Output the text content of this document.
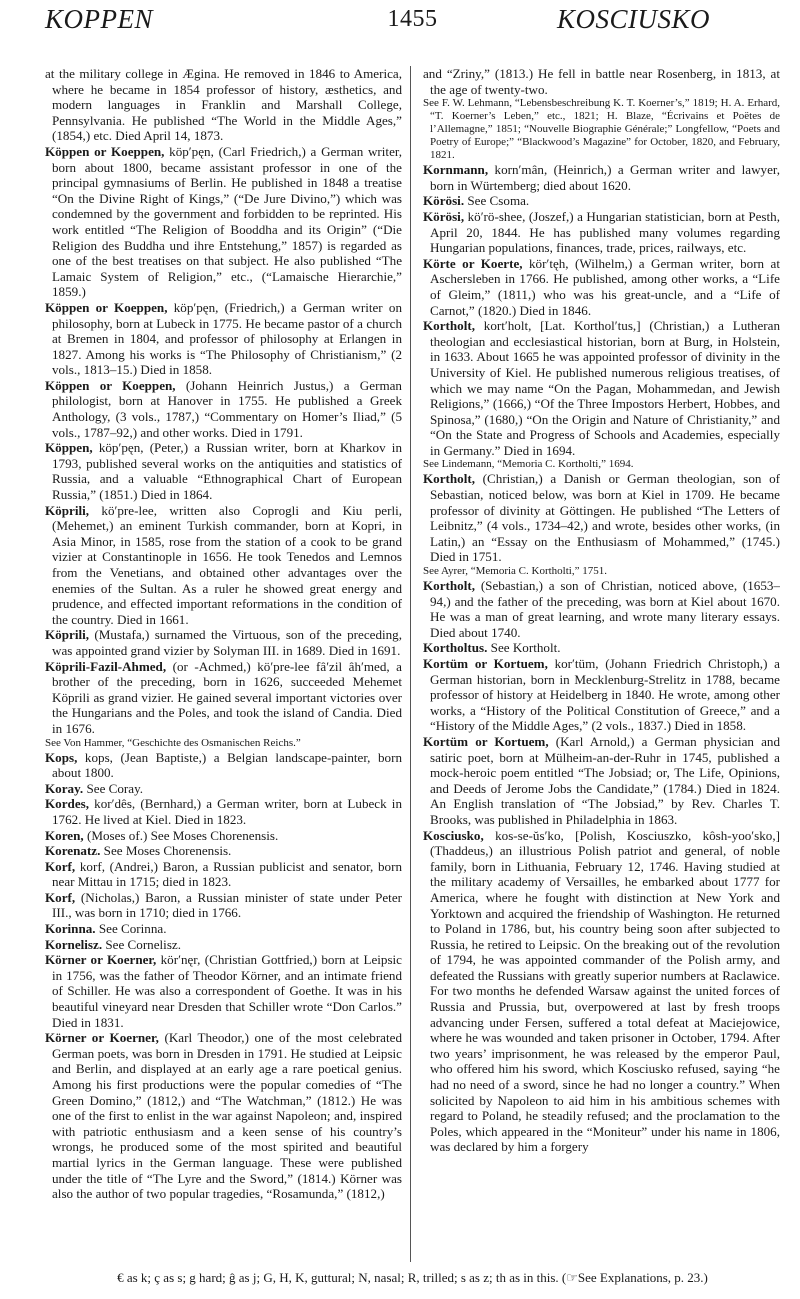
KOPPEN	1455	KOSCIUSKO

at the military college in Ægina. He removed in 1846 to America, where he became in 1854 professor of history, æsthetics, and modern languages in Franklin and Marshall College, Pennsylvania. He published “The World in the Middle Ages,” (1854,) etc. Died April 14, 1873.

Köppen or Koeppen, köp′pęn, (Carl Friedrich,) a German writer, born about 1800, became assistant professor in one of the principal gymnasiums of Berlin. He published in 1848 a treatise “On the Divine Right of Kings,” (“De Jure Divino,”) which was condemned by the government and forbidden to be reprinted. His work entitled “The Religion of Booddha and its Origin” (“Die Religion des Buddha und ihre Entstehung,” 1857) is regarded as one of the best treatises on that subject. He also published “The Lamaic System of Religion,” etc., (“Lamaische Hierarchie,” 1859.)

Köppen or Koeppen, köp′pęn, (Friedrich,) a German writer on philosophy, born at Lubeck in 1775. He became pastor of a church at Bremen in 1804, and professor of philosophy at Erlangen in 1827. Among his works is “The Philosophy of Christianism,” (2 vols., 1813–15.) Died in 1858.

Köppen or Koeppen, (Johann Heinrich Justus,) a German philologist, born at Hanover in 1755. He published a Greek Anthology, (3 vols., 1787,) “Commentary on Homer’s Iliad,” (5 vols., 1787–92,) and other works. Died in 1791.

Köppen, köp′pęn, (Peter,) a Russian writer, born at Kharkov in 1793, published several works on the antiquities and statistics of Russia, and a valuable “Ethnographical Chart of European Russia,” (1851.) Died in 1864.

Köprili, kö′pre-lee, written also Coprogli and Kiu perli, (Mehemet,) an eminent Turkish commander, born at Kopri, in Asia Minor, in 1585, rose from the station of a cook to be grand vizier at Constantinople in 1656. He took Tenedos and Lemnos from the Venetians, and obtained other advantages over the enemies of the Sultan. As a ruler he showed great energy and prudence, and effected important reformations in the condition of the country. Died in 1661.

Köprili, (Mustafa,) surnamed the Virtuous, son of the preceding, was appointed grand vizier by Solyman III. in 1689. Died in 1691.

Köprili-Fazil-Ahmed, (or -Achmed,) kö′pre-lee fâ′zil âh′med, a brother of the preceding, born in 1626, succeeded Mehemet Köprili as grand vizier. He gained several important victories over the Hungarians and the Poles, and took the island of Candia. Died in 1676.

See Von Hammer, “Geschichte des Osmanischen Reichs.”

Kops, kops, (Jean Baptiste,) a Belgian landscape-painter, born about 1800.

Koray. See Coray.

Kordes, kor′dês, (Bernhard,) a German writer, born at Lubeck in 1762. He lived at Kiel. Died in 1823.

Koren, (Moses of.) See Moses Chorenensis.

Korenatz. See Moses Chorenensis.

Korf, korf, (Andrei,) Baron, a Russian publicist and senator, born near Mittau in 1715; died in 1823.

Korf, (Nicholas,) Baron, a Russian minister of state under Peter III., was born in 1710; died in 1766.

Korinna. See Corinna.

Kornelisz. See Cornelisz.

Körner or Koerner, kör′nęr, (Christian Gottfried,) born at Leipsic in 1756, was the father of Theodor Körner, and an intimate friend of Schiller. He was also a correspondent of Goethe. It was in his beautiful vineyard near Dresden that Schiller wrote “Don Carlos.” Died in 1831.

Körner or Koerner, (Karl Theodor,) one of the most celebrated German poets, was born in Dresden in 1791. He studied at Leipsic and Berlin, and displayed at an early age a rare poetical genius. Among his first productions were the popular comedies of “The Green Domino,” (1812,) and “The Watchman,” (1812.) He was one of the first to enlist in the war against Napoleon; and, inspired with patriotic enthusiasm and a keen sense of his country’s wrongs, he produced some of the most spirited and beautiful martial lyrics in the German language. These were published under the title of “The Lyre and the Sword,” (1814.) Körner was also the author of two popular tragedies, “Rosamunda,” (1812,)

and “Zriny,” (1813.) He fell in battle near Rosenberg, in 1813, at the age of twenty-two.

See F. W. Lehmann, “Lebensbeschreibung K. T. Koerner’s,” 1819; H. A. Erhard, “T. Koerner’s Leben,” etc., 1821; H. Blaze, “Écrivains et Poëtes de l’Allemagne,” 1851; “Nouvelle Biographie Générale;” Longfellow, “Poets and Poetry of Europe;” “Blackwood’s Magazine” for October, 1820, and February, 1821.

Kornmann, korn′mân, (Heinrich,) a German writer and lawyer, born in Würtemberg; died about 1620.

Körösi. See Csoma.

Körösi, kö′rö-shee, (Joszef,) a Hungarian statistician, born at Pesth, April 20, 1844. He has published many volumes regarding Hungarian populations, finances, trade, prices, railways, etc.

Körte or Koerte, kör′tęh, (Wilhelm,) a German writer, born at Aschersleben in 1766. He published, among other works, a “Life of Gleim,” (1811,) who was his great-uncle, and a “Life of Carnot,” (1820.) Died in 1846.

Kortholt, kort′holt, [Lat. Korthol′tus,] (Christian,) a Lutheran theologian and ecclesiastical historian, born at Burg, in Holstein, in 1633. About 1665 he was appointed professor of divinity in the University of Kiel. He published numerous religious treatises, of which we may name “On the Pagan, Mohammedan, and Jewish Religions,” (1666,) “Of the Three Impostors Herbert, Hobbes, and Spinosa,” (1680,) “On the Origin and Nature of Christianity,” and “On the State and Progress of Schools and Academies, especially in Germany.” Died in 1694.

See Lindemann, “Memoria C. Kortholti,” 1694.

Kortholt, (Christian,) a Danish or German theologian, son of Sebastian, noticed below, was born at Kiel in 1709. He became professor of divinity at Göttingen. He published “The Letters of Leibnitz,” (4 vols., 1734–42,) and wrote, besides other works, (in Latin,) an “Essay on the Enthusiasm of Mohammed,” (1745.) Died in 1751.

See Ayrer, “Memoria C. Kortholti,” 1751.

Kortholt, (Sebastian,) a son of Christian, noticed above, (1653–94,) and the father of the preceding, was born at Kiel about 1670. He was a man of great learning, and wrote many literary essays. Died about 1740.

Kortholtus. See Kortholt.

Kortüm or Kortuem, kor′tüm, (Johann Friedrich Christoph,) a German historian, born in Mecklenburg-Strelitz in 1788, became professor of history at Heidelberg in 1840. He wrote, among other works, a “History of the Political Constitution of Greece,” and a “History of the Middle Ages,” (2 vols., 1837.) Died in 1858.

Kortüm or Kortuem, (Karl Arnold,) a German physician and satiric poet, born at Mülheim-an-der-Ruhr in 1745, published a mock-heroic poem entitled “The Jobsiad; or, The Life, Opinions, and Deeds of Jerome Jobs the Candidate,” (1784.) Died in 1824. An English translation of “The Jobsiad,” by Rev. Charles T. Brooks, was published in Philadelphia in 1863.

Kosciusko, kos-se-ŭs′ko, [Polish, Kosciuszko, kôsh-yoo′sko,] (Thaddeus,) an illustrious Polish patriot and general, of noble family, born in Lithuania, February 12, 1746. Having studied at the military academy of Versailles, he embarked about 1777 for America, where he fought with distinction at New York and Yorktown and acquired the friendship of Washington. He returned to Poland in 1786, but, his country being soon after subjected to Russia, he retired to Leipsic. On the breaking out of the revolution of 1794, he was appointed commander of the Polish army, and defeated the Russians with greatly superior numbers at Raclawice. For two months he defended Warsaw against the united forces of Russia and Prussia, but, overpowered at last by fresh troops advancing under Fersen, suffered a total defeat at Maciejowice, where he was wounded and taken prisoner in October, 1794. After two years’ imprisonment, he was released by the emperor Paul, who offered him his sword, which Kosciusko refused, saying “he had no need of a sword, since he had no longer a country.” When solicited by Napoleon to aid him in his ambitious schemes with regard to Poland, he steadily refused; and the proclamation to the Poles, which appeared in the “Moniteur” under his name in 1806, was declared by him a forgery

€ as k; ç as s; g hard; ĝ as j; G, H, K, guttural; N, nasal; R, trilled; s as z; th as in this. (☞See Explanations, p. 23.)
